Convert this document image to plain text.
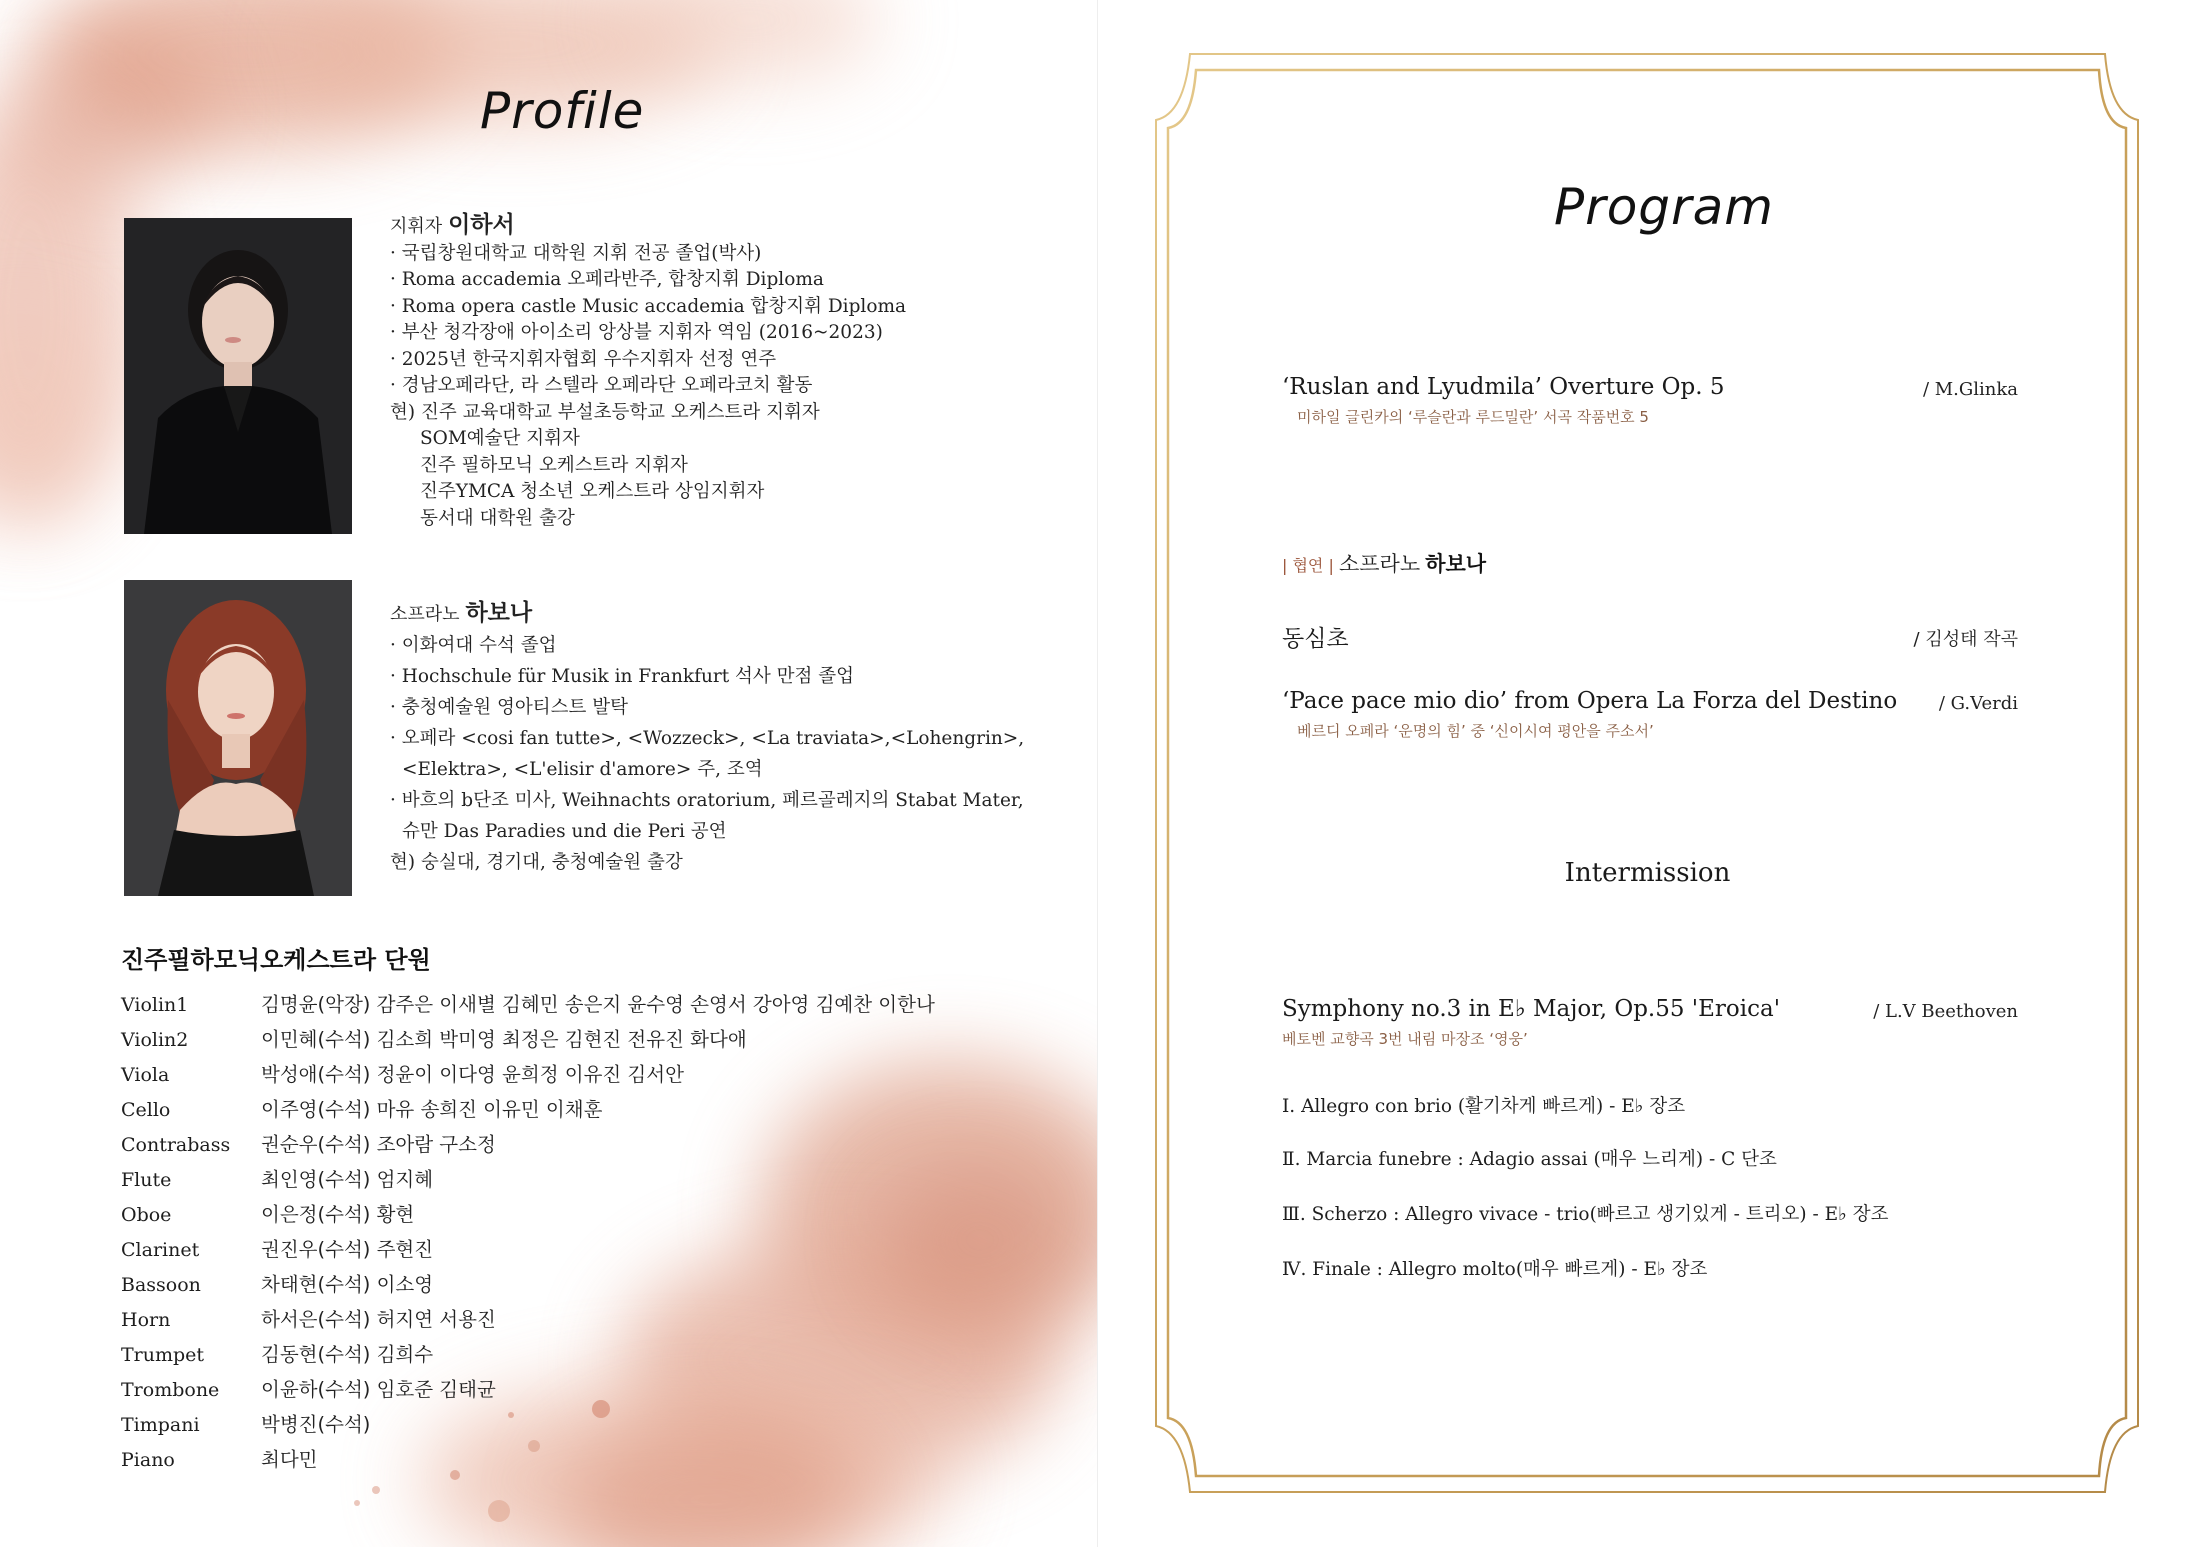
Profile
지휘자 이하서
· 국립창원대학교 대학원 지휘 전공 졸업(박사)
· Roma accademia 오페라반주, 합창지휘 Diploma
· Roma opera castle Music accademia 합창지휘 Diploma
· 부산 청각장애 아이소리 앙상블 지휘자 역임 (2016~2023)
· 2025년 한국지휘자협회 우수지휘자 선정 연주
· 경남오페라단, 라 스텔라 오페라단 오페라코치 활동
현) 진주 교육대학교 부설초등학교 오케스트라 지휘자
SOM예술단 지휘자
진주 필하모닉 오케스트라 지휘자
진주YMCA 청소년 오케스트라 상임지휘자
동서대 대학원 출강
소프라노 하보나
· 이화여대 수석 졸업
· Hochschule für Musik in Frankfurt 석사 만점 졸업
· 충청예술원 영아티스트 발탁
· 오페라 <cosi fan tutte>, <Wozzeck>, <La traviata>,<Lohengrin>,
<Elektra>, <L'elisir d'amore> 주, 조역
· 바흐의 b단조 미사, Weihnachts oratorium, 페르골레지의 Stabat Mater,
슈만 Das Paradies und die Peri 공연
현) 숭실대, 경기대, 충청예술원 출강
진주필하모닉오케스트라 단원
Violin1	김명윤(악장) 감주은 이새별 김혜민 송은지 윤수영 손영서 강아영 김예찬 이한나
Violin2	이민혜(수석) 김소희 박미영 최정은 김현진 전유진 화다애
Viola	박성애(수석) 정윤이 이다영 윤희정 이유진 김서안
Cello	이주영(수석) 마유 송희진 이유민 이채훈
Contrabass 권순우(수석) 조아람 구소정
Flute	최인영(수석) 엄지혜
Oboe	이은정(수석) 황현
Clarinet	권진우(수석) 주현진
Bassoon	차태현(수석) 이소영
Horn	하서은(수석) 허지연 서용진
Trumpet	김동현(수석) 김희수
Trombone 이윤하(수석) 임호준 김태균
Timpani	박병진(수석)
Piano	최다민
Program
‘Ruslan and Lyudmila’ Overture Op. 5	/ M.Glinka
미하일 글린카의 ‘루슬란과 루드밀란’ 서곡 작품번호 5
| 협연 | 소프라노 하보나
동심초	/ 김성태 작곡
‘Pace pace mio dio’ from Opera La Forza del Destino	/ G.Verdi
베르디 오페라 ‘운명의 힘’ 중 ‘신이시여 평안을 주소서’
Intermission
Symphony no.3 in E♭ Major, Op.55 'Eroica'	/ L.V Beethoven
베토벤 교향곡 3번 내림 마장조 ‘영웅’
Ⅰ. Allegro con brio (활기차게 빠르게) - E♭ 장조
Ⅱ. Marcia funebre : Adagio assai (매우 느리게) - C 단조
Ⅲ. Scherzo : Allegro vivace - trio(빠르고 생기있게 - 트리오) - E♭ 장조
Ⅳ. Finale : Allegro molto(매우 빠르게) - E♭ 장조
